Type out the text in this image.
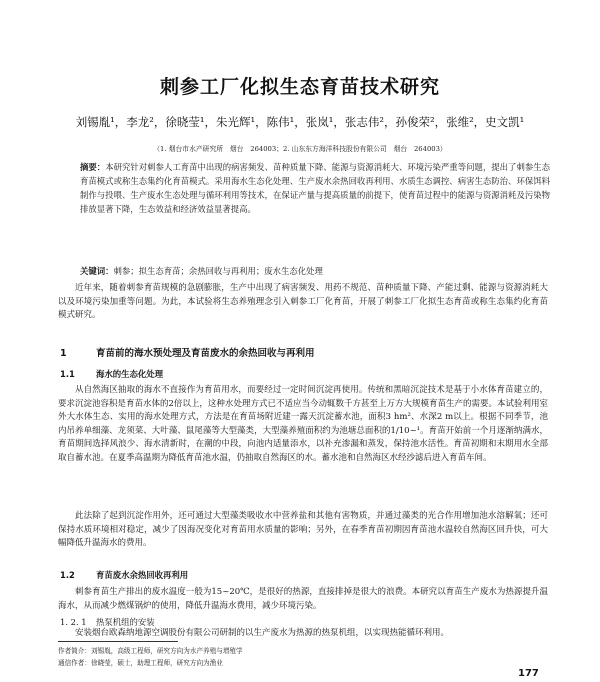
刺参工厂化拟生态育苗技术研究
刘锡胤¹，李龙²，徐晓莹¹，朱光辉¹，陈伟¹，张岚¹，张志伟²，孙俊荣²，张维²，史文凯¹
（1. 烟台市水产研究所　烟台　264003；2. 山东东方海洋科技股份有限公司　烟台　264003）
摘要：本研究针对刺参人工育苗中出现的病害频发、苗种质量下降、能源与资源消耗大、环境污染严重等问题，提出了刺参生态育苗模式或称生态集约化育苗模式。采用海水生态化处理、生产废水余热回收再利用、水质生态调控、病害生态防治、环保饵料制作与投喂、生产废水生态处理与循环利用等技术，在保证产量与提高质量的前提下，使育苗过程中的能源与资源消耗及污染物排放显著下降，生态效益和经济效益显著提高。
关键词：刺参；拟生态育苗；余热回收与再利用；废水生态化处理
近年来，随着刺参育苗规模的急剧膨胀，生产中出现了病害频发、用药不规范、苗种质量下降、产能过剩、能源与资源消耗大以及环境污染加重等问题。为此，本试验将生态养殖理念引入刺参工厂化育苗，开展了刺参工厂化拟生态育苗或称生态集约化育苗模式研究。
1	育苗前的海水预处理及育苗废水的余热回收与再利用
1.1	海水的生态化处理
从自然海区抽取的海水不直接作为育苗用水，而要经过一定时间沉淀再使用。传统和黑暗沉淀技术是基于小水体育苗建立的，要求沉淀池容积是育苗水体的2倍以上，这种水处理方式已不适应当今动辄数千方甚至上万方大规模育苗生产的需要。本试验利用室外大水体生态、实用的海水处理方式，方法是在育苗场附近建一露天沉淀蓄水池，面积3 hm²、水深2 m以上。根据不同季节，池内吊养单细藻、龙须菜、大叶藻、鼠尾藻等大型藻类，大型藻养殖面积约为池塘总面积的1/10~¹。育苗开始前一个月逐渐纳满水，育苗期间选择风浪少、海水清新时，在潮的中段，向池内适量添水，以补充渗漏和蒸发，保持池水活性。育苗初期和末期用水全部取自蓄水池。在夏季高温期为降低育苗池水温，仍抽取自然海区的水。蓄水池和自然海区水经沙滤后进入育苗车间。
此法除了起到沉淀作用外，还可通过大型藻类吸收水中营养盐和其他有害物质，并通过藻类的光合作用增加池水溶解氧；还可保持水质环境相对稳定，减少了因海况变化对育苗用水质量的影响；另外，在春季育苗初期因育苗池水温较自然海区回升快，可大幅降低升温海水的费用。
1.2	育苗废水余热回收再利用
刺参育苗生产排出的废水温度一般为15~20℃，是很好的热源，直接排掉是很大的浪费。本研究以育苗生产废水为热源提升温海水，从而减少燃煤锅炉的使用，降低升温海水费用，减少环境污染。
1. 2. 1 热泵机组的安装
安装烟台欧森纳地源空调股份有限公司研制的以生产废水为热源的热泵机组，以实现热能循环利用。
作者简介：刘锡胤，高级工程师，研究方向为水产养殖与增殖学
通信作者：徐晓莹，硕士，助理工程师，研究方向为渔业
177
